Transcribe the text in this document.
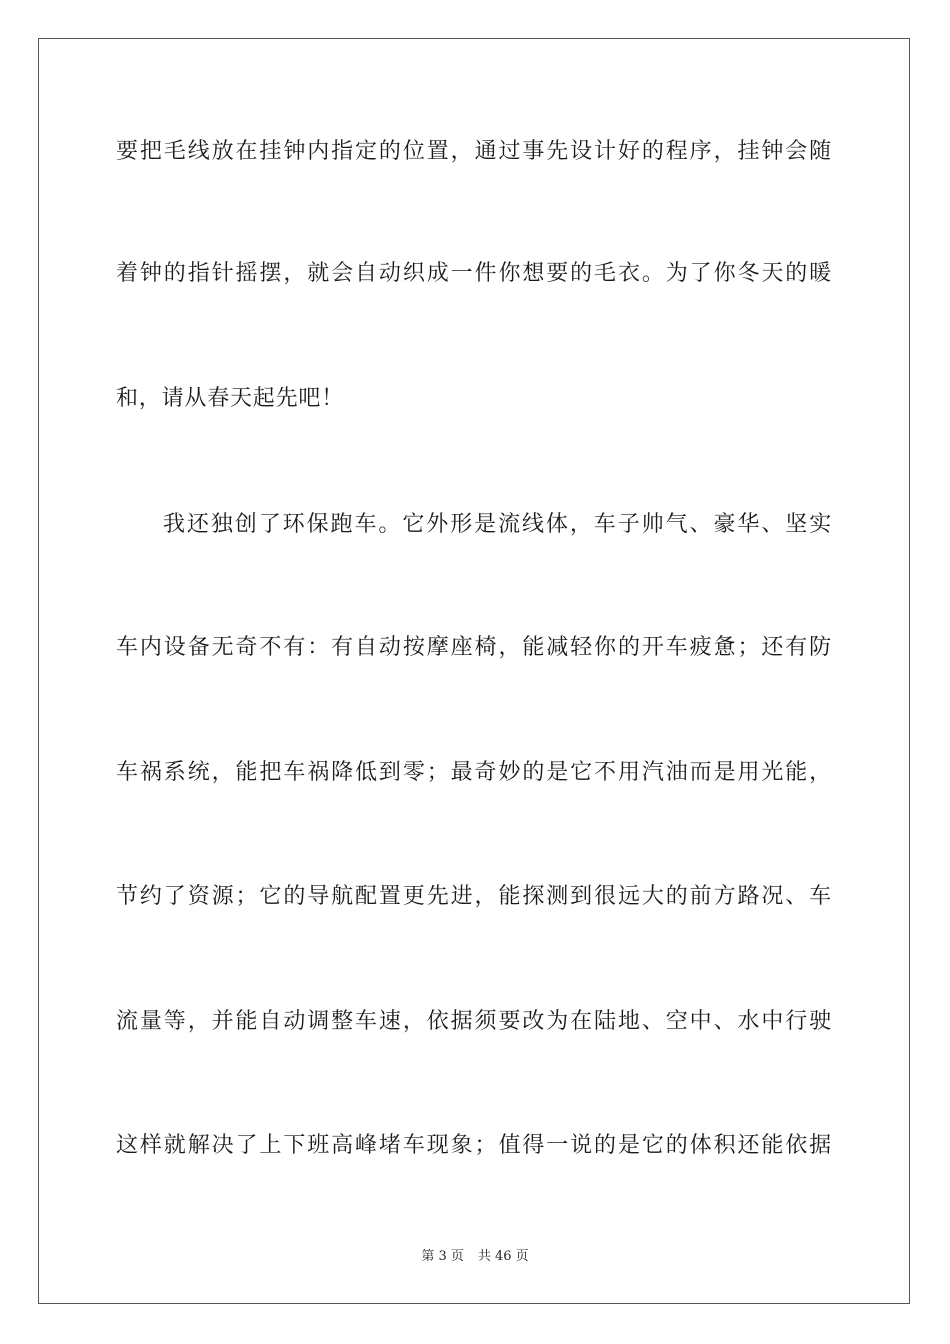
要把毛线放在挂钟内指定的位置，通过事先设计好的程序，挂钟会随
着钟的指针摇摆，就会自动织成一件你想要的毛衣。为了你冬天的暖
和，请从春天起先吧！
我还独创了环保跑车。它外形是流线体，车子帅气、豪华、坚实
车内设备无奇不有：有自动按摩座椅，能减轻你的开车疲惫；还有防
车祸系统，能把车祸降低到零；最奇妙的是它不用汽油而是用光能，
节约了资源；它的导航配置更先进，能探测到很远大的前方路况、车
流量等，并能自动调整车速，依据须要改为在陆地、空中、水中行驶
这样就解决了上下班高峰堵车现象；值得一说的是它的体积还能依据
第 3 页 共 46 页
